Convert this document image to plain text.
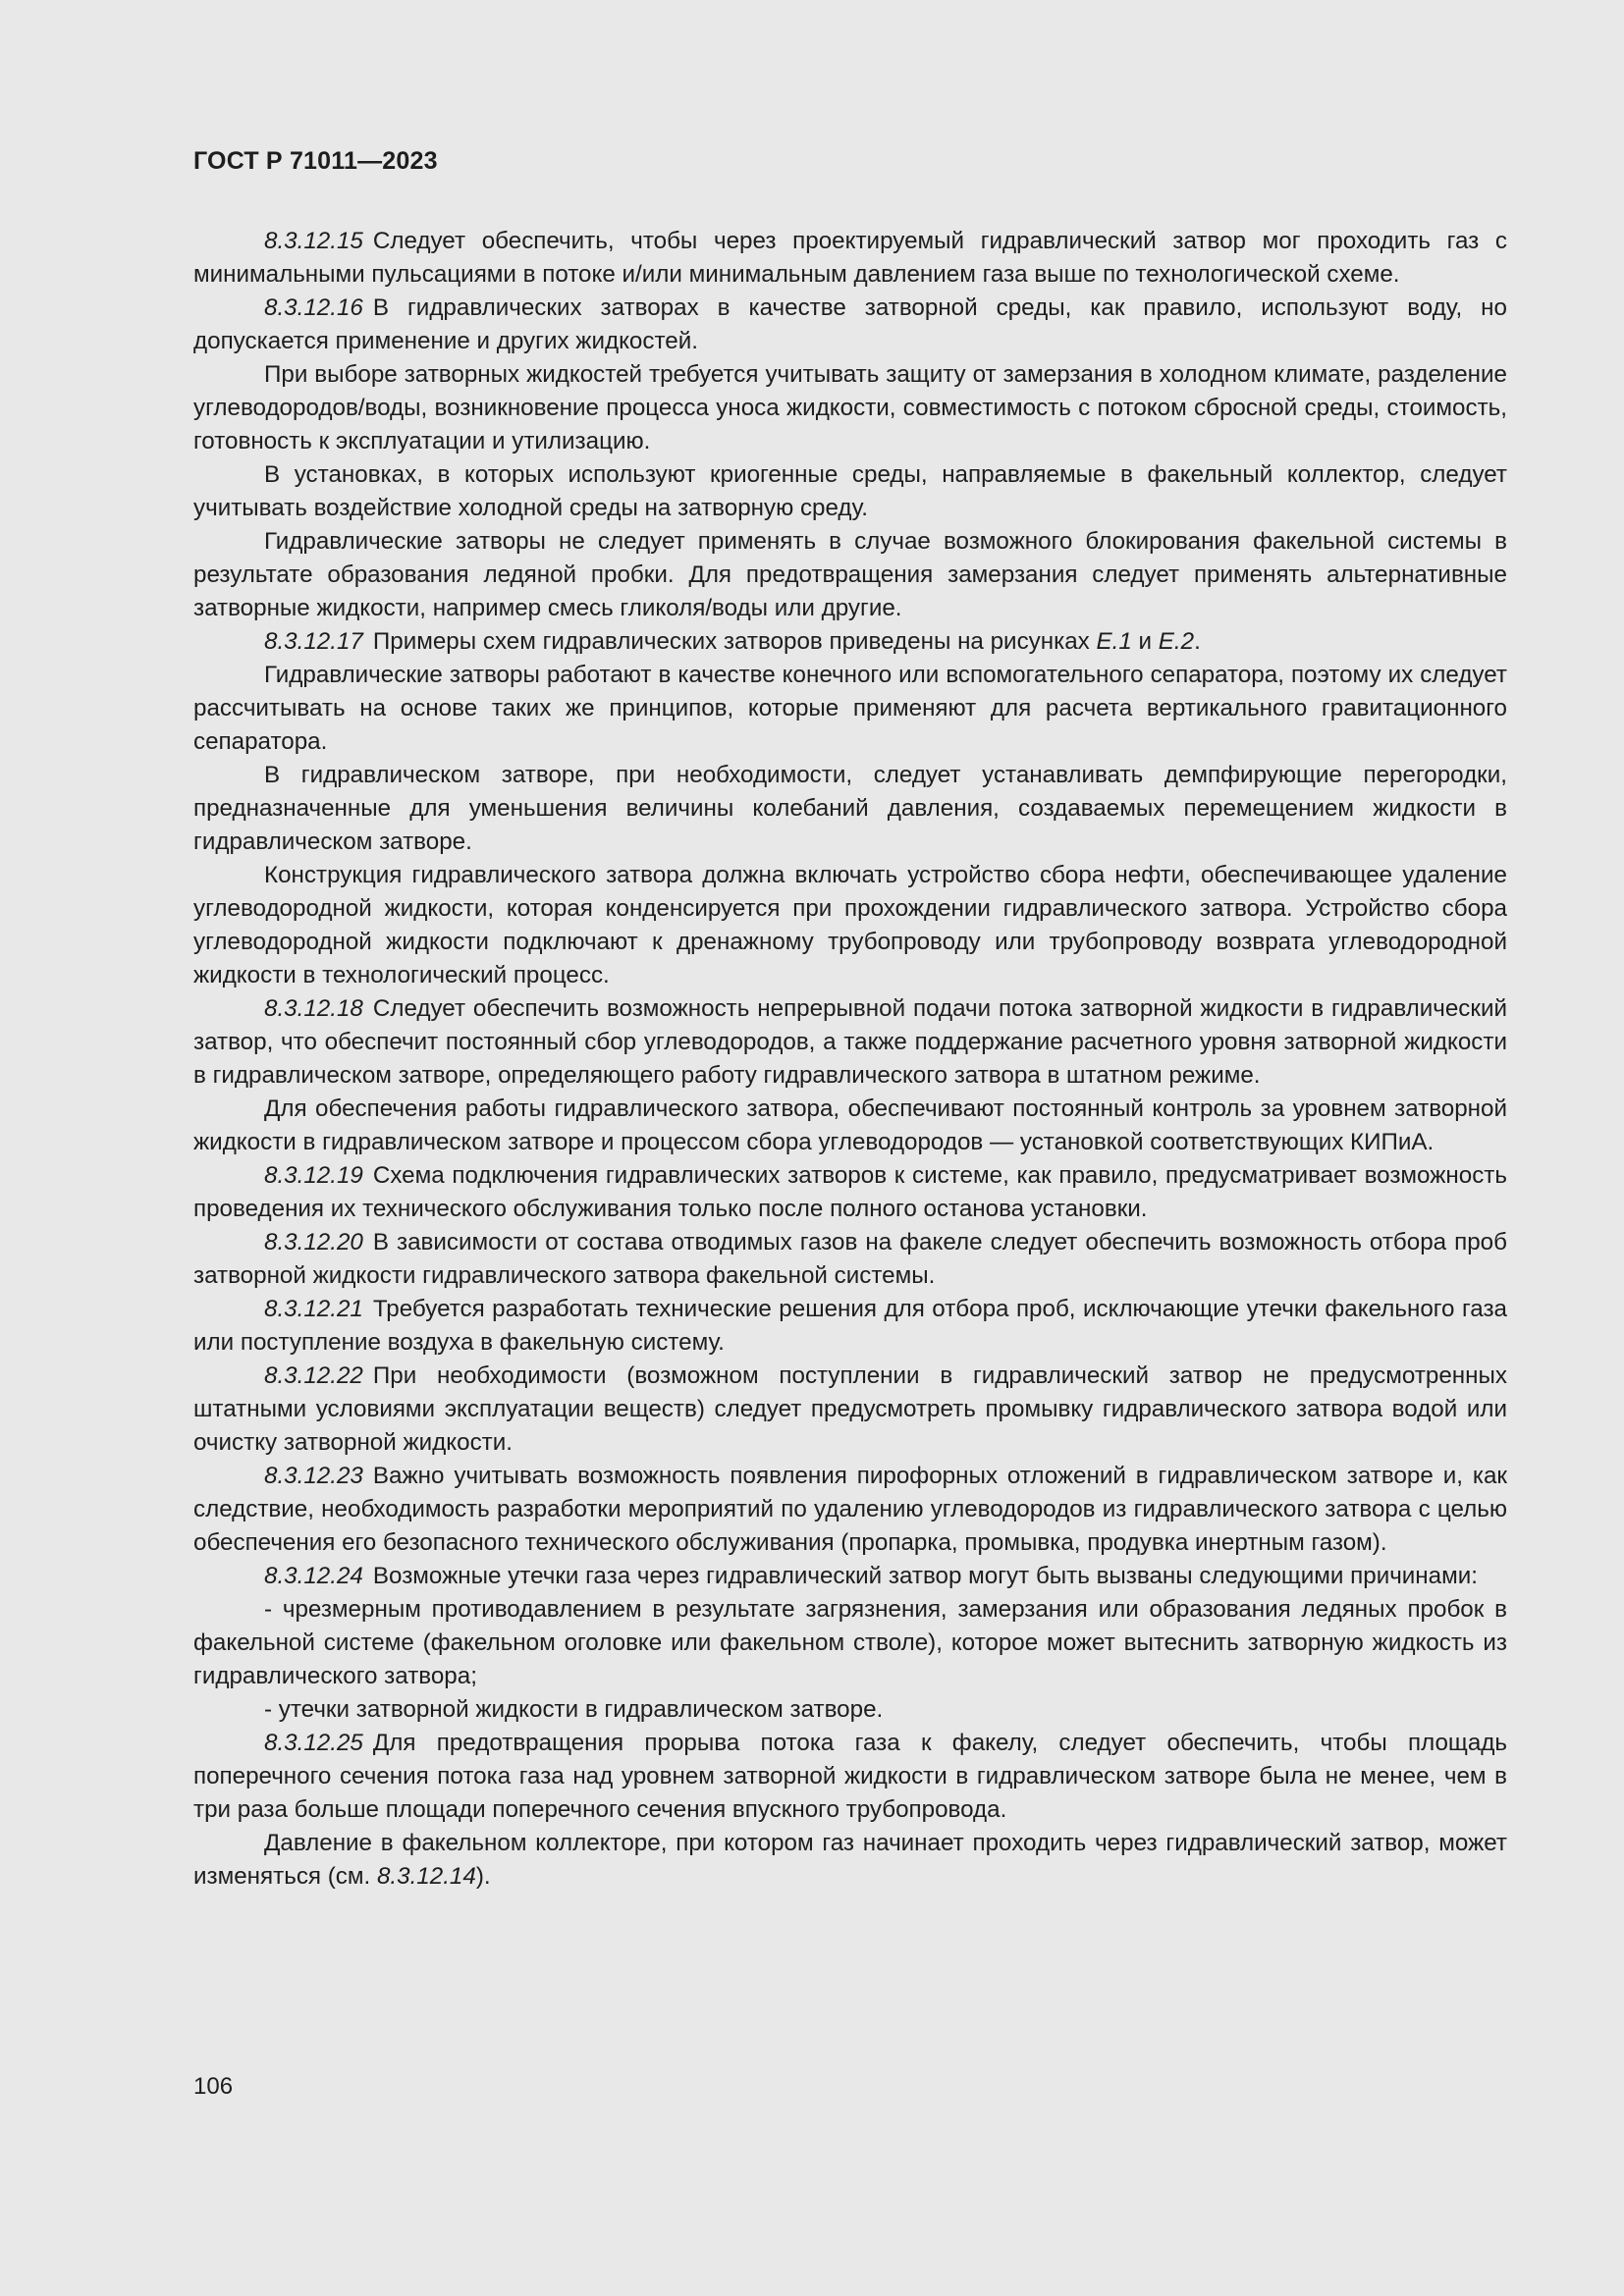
ГОСТ Р 71011—2023

8.3.12.15 Следует обеспечить, чтобы через проектируемый гидравлический затвор мог проходить газ с минимальными пульсациями в потоке и/или минимальным давлением газа выше по технологической схеме.

8.3.12.16 В гидравлических затворах в качестве затворной среды, как правило, используют воду, но допускается применение и других жидкостей.

При выборе затворных жидкостей требуется учитывать защиту от замерзания в холодном климате, разделение углеводородов/воды, возникновение процесса уноса жидкости, совместимость с потоком сбросной среды, стоимость, готовность к эксплуатации и утилизацию.

В установках, в которых используют криогенные среды, направляемые в факельный коллектор, следует учитывать воздействие холодной среды на затворную среду.

Гидравлические затворы не следует применять в случае возможного блокирования факельной системы в результате образования ледяной пробки. Для предотвращения замерзания следует применять альтернативные затворные жидкости, например смесь гликоля/воды или другие.

8.3.12.17 Примеры схем гидравлических затворов приведены на рисунках Е.1 и Е.2.

Гидравлические затворы работают в качестве конечного или вспомогательного сепаратора, поэтому их следует рассчитывать на основе таких же принципов, которые применяют для расчета вертикального гравитационного сепаратора.

В гидравлическом затворе, при необходимости, следует устанавливать демпфирующие перегородки, предназначенные для уменьшения величины колебаний давления, создаваемых перемещением жидкости в гидравлическом затворе.

Конструкция гидравлического затвора должна включать устройство сбора нефти, обеспечивающее удаление углеводородной жидкости, которая конденсируется при прохождении гидравлического затвора. Устройство сбора углеводородной жидкости подключают к дренажному трубопроводу или трубопроводу возврата углеводородной жидкости в технологический процесс.

8.3.12.18 Следует обеспечить возможность непрерывной подачи потока затворной жидкости в гидравлический затвор, что обеспечит постоянный сбор углеводородов, а также поддержание расчетного уровня затворной жидкости в гидравлическом затворе, определяющего работу гидравлического затвора в штатном режиме.

Для обеспечения работы гидравлического затвора, обеспечивают постоянный контроль за уровнем затворной жидкости в гидравлическом затворе и процессом сбора углеводородов — установкой соответствующих КИПиА.

8.3.12.19 Схема подключения гидравлических затворов к системе, как правило, предусматривает возможность проведения их технического обслуживания только после полного останова установки.

8.3.12.20 В зависимости от состава отводимых газов на факеле следует обеспечить возможность отбора проб затворной жидкости гидравлического затвора факельной системы.

8.3.12.21 Требуется разработать технические решения для отбора проб, исключающие утечки факельного газа или поступление воздуха в факельную систему.

8.3.12.22 При необходимости (возможном поступлении в гидравлический затвор не предусмотренных штатными условиями эксплуатации веществ) следует предусмотреть промывку гидравлического затвора водой или очистку затворной жидкости.

8.3.12.23 Важно учитывать возможность появления пирофорных отложений в гидравлическом затворе и, как следствие, необходимость разработки мероприятий по удалению углеводородов из гидравлического затвора с целью обеспечения его безопасного технического обслуживания (пропарка, промывка, продувка инертным газом).

8.3.12.24 Возможные утечки газа через гидравлический затвор могут быть вызваны следующими причинами:

- чрезмерным противодавлением в результате загрязнения, замерзания или образования ледяных пробок в факельной системе (факельном оголовке или факельном стволе), которое может вытеснить затворную жидкость из гидравлического затвора;

- утечки затворной жидкости в гидравлическом затворе.

8.3.12.25 Для предотвращения прорыва потока газа к факелу, следует обеспечить, чтобы площадь поперечного сечения потока газа над уровнем затворной жидкости в гидравлическом затворе была не менее, чем в три раза больше площади поперечного сечения впускного трубопровода.

Давление в факельном коллекторе, при котором газ начинает проходить через гидравлический затвор, может изменяться (см. 8.3.12.14).

106
